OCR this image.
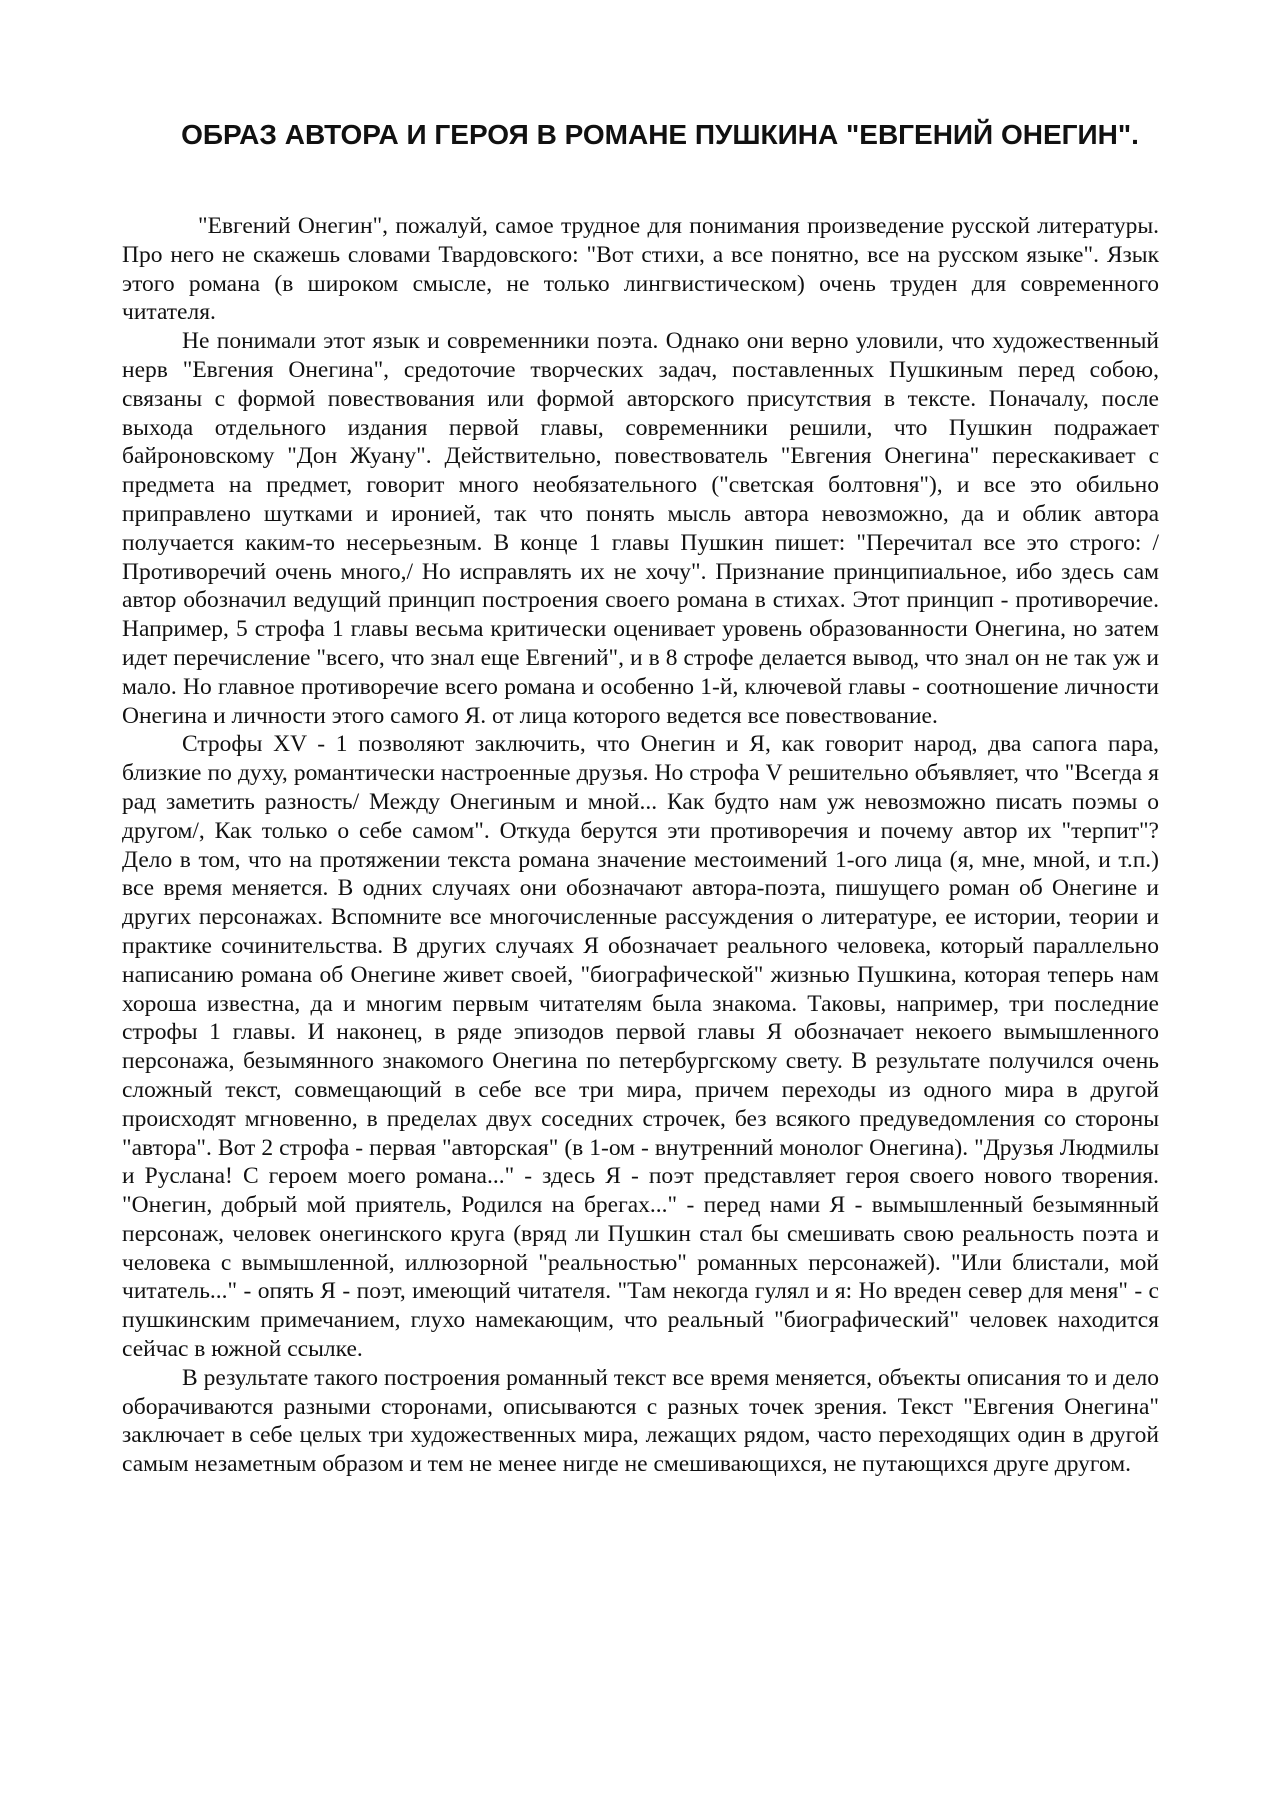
ОБРАЗ АВТОРА И ГЕРОЯ В РОМАНЕ ПУШКИНА "ЕВГЕНИЙ ОНЕГИН".

"Евгений Онегин", пожалуй, самое трудное для понимания произведение русской литературы. Про него не скажешь словами Твардовского: "Вот стихи, а все понятно, все на русском языке". Язык этого романа (в широком смысле, не только лингвистическом) очень труден для современного читателя.

Не понимали этот язык и современники поэта. Однако они верно уловили, что художественный нерв "Евгения Онегина", средоточие творческих задач, поставленных Пушкиным перед собою, связаны с формой повествования или формой авторского присутствия в тексте. Поначалу, после выхода отдельного издания первой главы, современники решили, что Пушкин подражает байроновскому "Дон Жуану". Действительно, повествователь "Евгения Онегина" перескакивает с предмета на предмет, говорит много необязательного ("светская болтовня"), и все это обильно приправлено шутками и иронией, так что понять мысль автора невозможно, да и облик автора получается каким-то несерьезным. В конце 1 главы Пушкин пишет: "Перечитал все это строго: /Противоречий очень много,/ Но исправлять их не хочу". Признание принципиальное, ибо здесь сам автор обозначил ведущий принцип построения своего романа в стихах. Этот принцип - противоречие. Например, 5 строфа 1 главы весьма критически оценивает уровень образованности Онегина, но затем идет перечисление "всего, что знал еще Евгений", и в 8 строфе делается вывод, что знал он не так уж и мало. Но главное противоречие всего романа и особенно 1-й, ключевой главы - соотношение личности Онегина и личности этого самого Я. от лица которого ведется все повествование.

Строфы XV - 1 позволяют заключить, что Онегин и Я, как говорит народ, два сапога пара, близкие по духу, романтически настроенные друзья. Но строфа V решительно объявляет, что "Всегда я рад заметить разность/ Между Онегиным и мной... Как будто нам уж невозможно писать поэмы о другом/, Как только о себе самом". Откуда берутся эти противоречия и почему автор их "терпит"? Дело в том, что на протяжении текста романа значение местоимений 1-ого лица (я, мне, мной, и т.п.) все время меняется. В одних случаях они обозначают автора-поэта, пишущего роман об Онегине и других персонажах. Вспомните все многочисленные рассуждения о литературе, ее истории, теории и практике сочинительства. В других случаях Я обозначает реального человека, который параллельно написанию романа об Онегине живет своей, "биографической" жизнью Пушкина, которая теперь нам хороша известна, да и многим первым читателям была знакома. Таковы, например, три последние строфы 1 главы. И наконец, в ряде эпизодов первой главы Я обозначает некоего вымышленного персонажа, безымянного знакомого Онегина по петербургскому свету. В результате получился очень сложный текст, совмещающий в себе все три мира, причем переходы из одного мира в другой происходят мгновенно, в пределах двух соседних строчек, без всякого предуведомления со стороны "автора". Вот 2 строфа - первая "авторская" (в 1-ом - внутренний монолог Онегина). "Друзья Людмилы и Руслана! С героем моего романа..." - здесь Я - поэт представляет героя своего нового творения. "Онегин, добрый мой приятель, Родился на брегах..." - перед нами Я - вымышленный безымянный персонаж, человек онегинского круга (вряд ли Пушкин стал бы смешивать свою реальность поэта и человека с вымышленной, иллюзорной "реальностью" романных персонажей). "Или блистали, мой читатель..." - опять Я - поэт, имеющий читателя. "Там некогда гулял и я: Но вреден север для меня" - с пушкинским примечанием, глухо намекающим, что реальный "биографический" человек находится сейчас в южной ссылке.

В результате такого построения романный текст все время меняется, объекты описания то и дело оборачиваются разными сторонами, описываются с разных точек зрения. Текст "Евгения Онегина" заключает в себе целых три художественных мира, лежащих рядом, часто переходящих один в другой самым незаметным образом и тем не менее нигде не смешивающихся, не путающихся друге другом.
